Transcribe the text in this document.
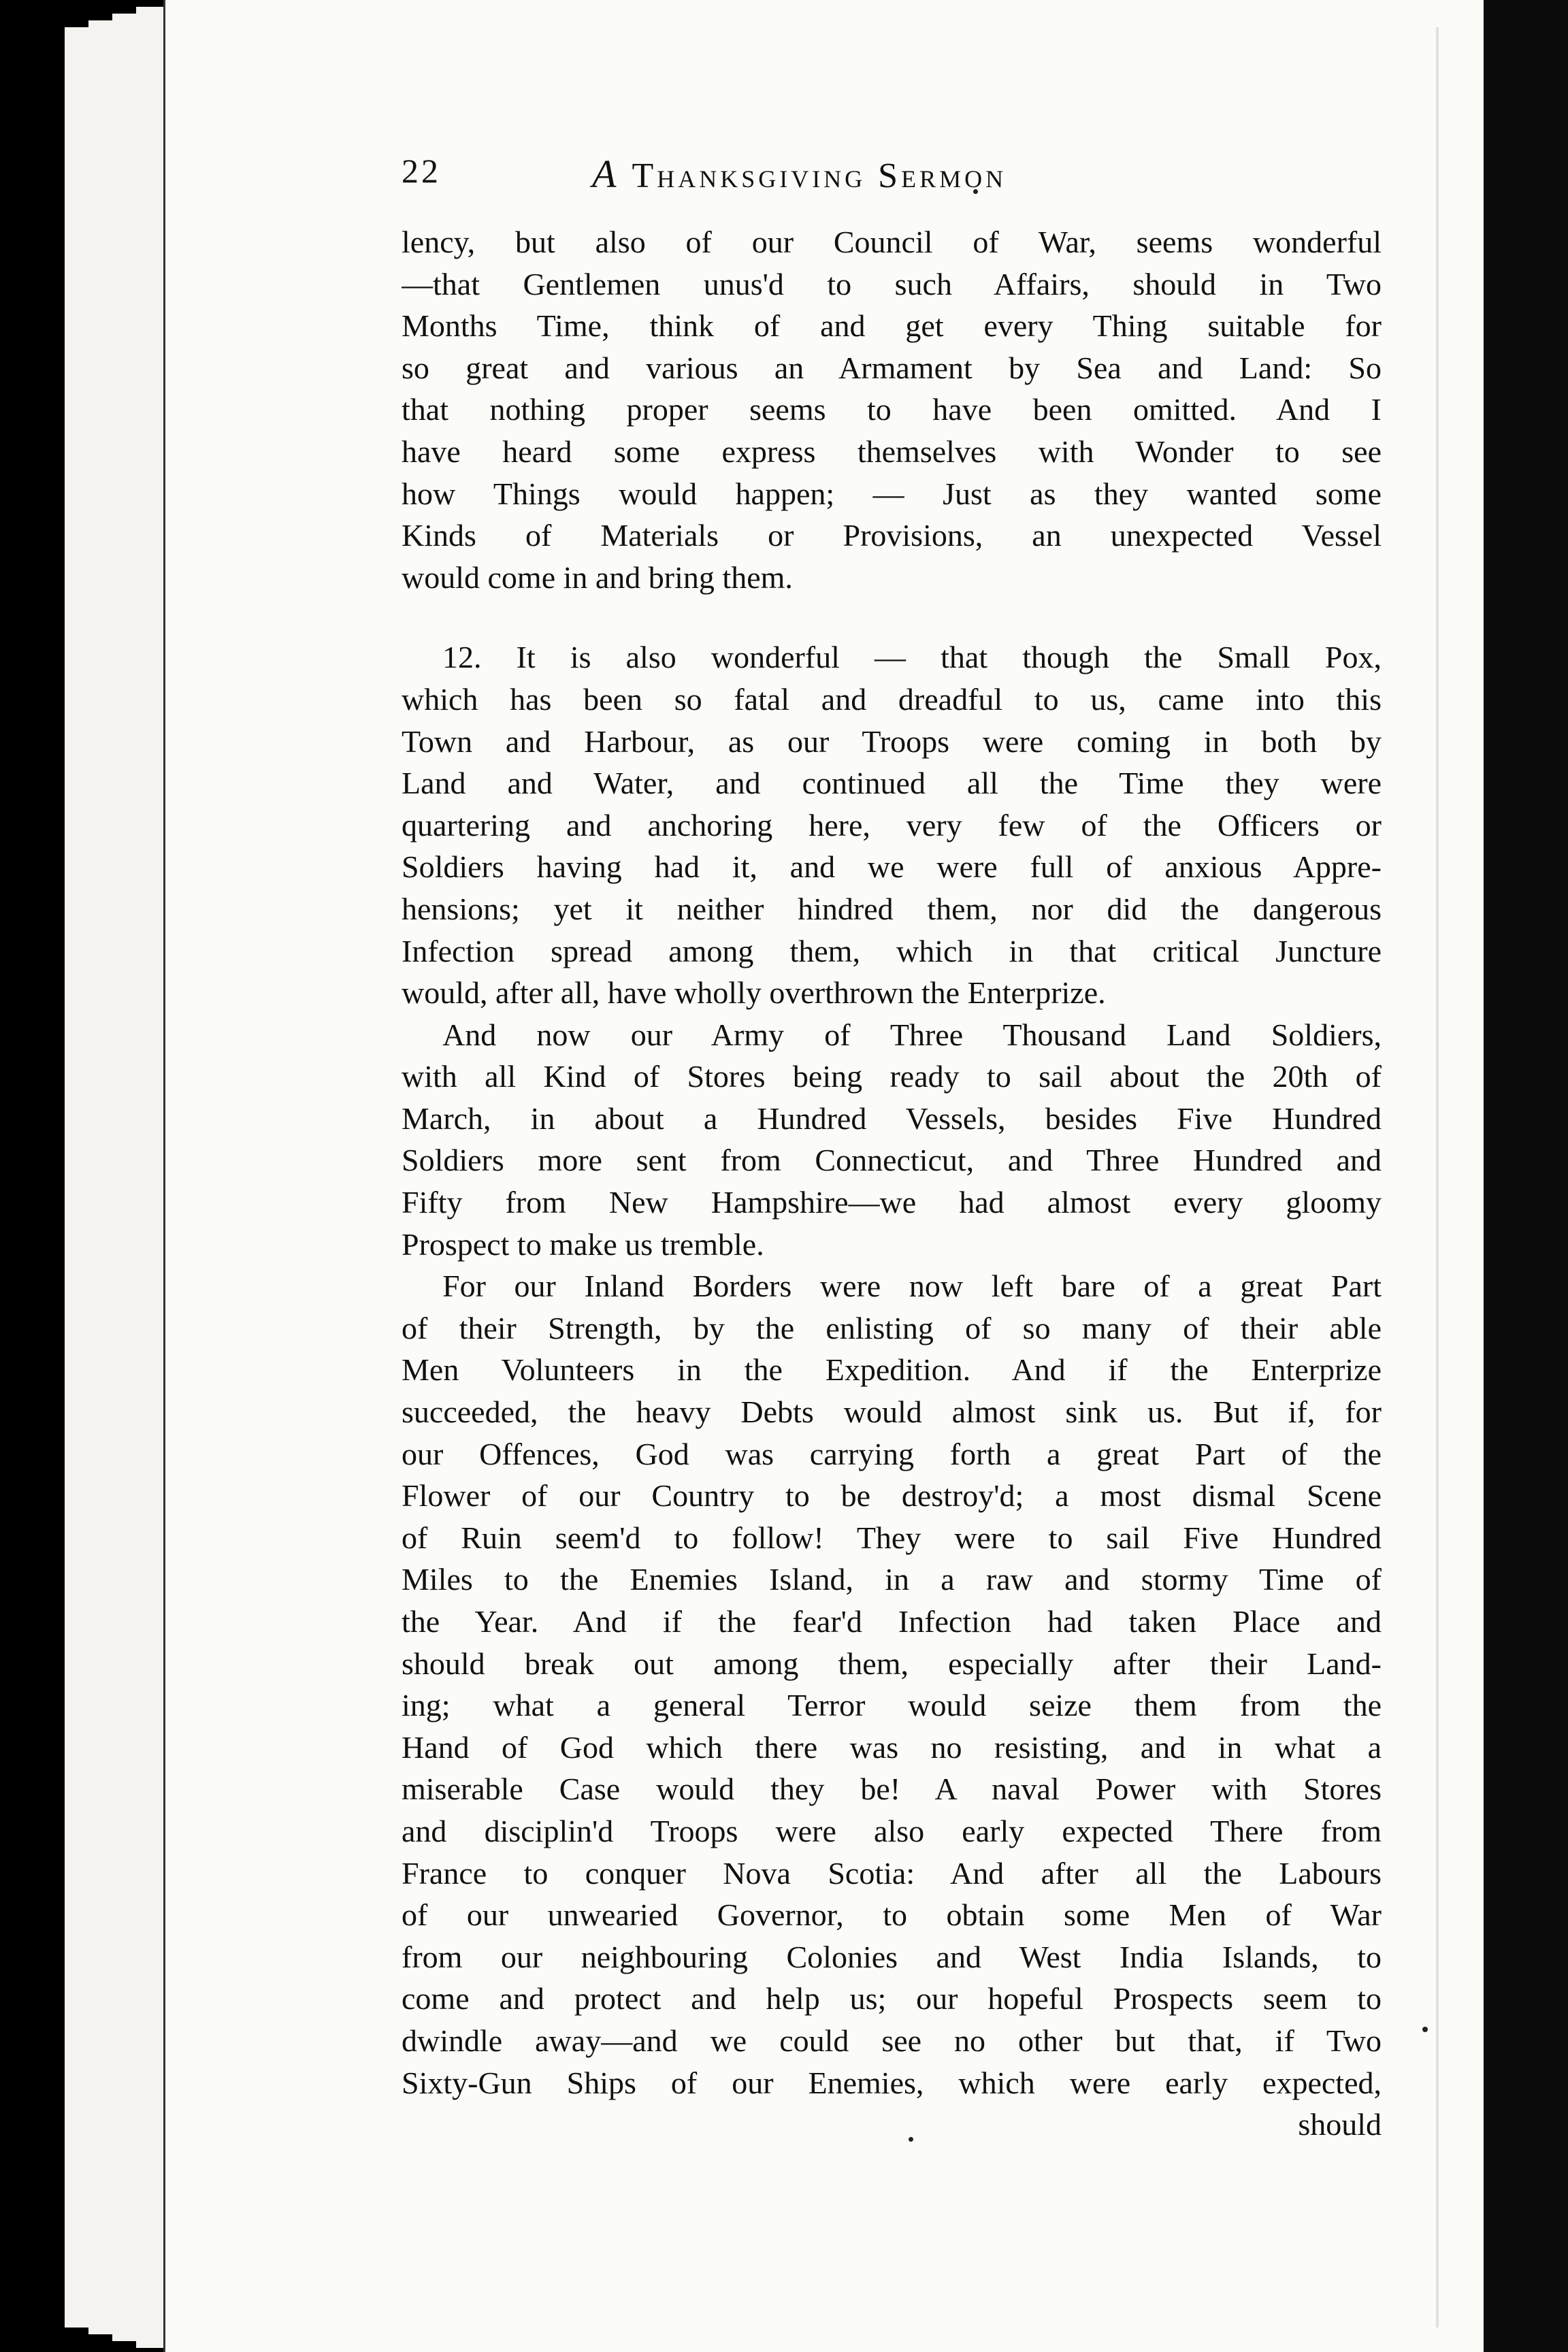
22	A Thanksgiving Sermon
lency, but also of our Council of War, seems wonderful
—that Gentlemen unus'd to such Affairs, should in Two
Months Time, think of and get every Thing suitable for
so great and various an Armament by Sea and Land: So
that nothing proper seems to have been omitted. And I
have heard some express themselves with Wonder to see
how Things would happen; — Just as they wanted some
Kinds of Materials or Provisions, an unexpected Vessel
would come in and bring them.
12. It is also wonderful — that though the Small Pox,
which has been so fatal and dreadful to us, came into this
Town and Harbour, as our Troops were coming in both by
Land and Water, and continued all the Time they were
quartering and anchoring here, very few of the Officers or
Soldiers having had it, and we were full of anxious Appre-
hensions; yet it neither hindred them, nor did the dangerous
Infection spread among them, which in that critical Juncture
would, after all, have wholly overthrown the Enterprize.
And now our Army of Three Thousand Land Soldiers,
with all Kind of Stores being ready to sail about the 20th of
March, in about a Hundred Vessels, besides Five Hundred
Soldiers more sent from Connecticut, and Three Hundred and
Fifty from New Hampshire—we had almost every gloomy
Prospect to make us tremble.
For our Inland Borders were now left bare of a great Part
of their Strength, by the enlisting of so many of their able
Men Volunteers in the Expedition. And if the Enterprize
succeeded, the heavy Debts would almost sink us. But if, for
our Offences, God was carrying forth a great Part of the
Flower of our Country to be destroy'd; a most dismal Scene
of Ruin seem'd to follow! They were to sail Five Hundred
Miles to the Enemies Island, in a raw and stormy Time of
the Year. And if the fear'd Infection had taken Place and
should break out among them, especially after their Land-
ing; what a general Terror would seize them from the
Hand of God which there was no resisting, and in what a
miserable Case would they be! A naval Power with Stores
and disciplin'd Troops were also early expected There from
France to conquer Nova Scotia: And after all the Labours
of our unwearied Governor, to obtain some Men of War
from our neighbouring Colonies and West India Islands, to
come and protect and help us; our hopeful Prospects seem to
dwindle away—and we could see no other but that, if Two
Sixty-Gun Ships of our Enemies, which were early expected,
should
